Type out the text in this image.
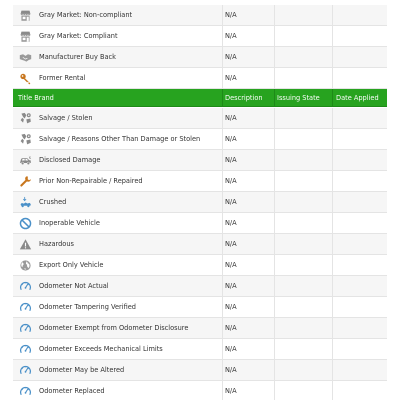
Gray Market: Non-compliant	N/A
Gray Market: Compliant	N/A
Manufacturer Buy Back	N/A
Former Rental	N/A
Title Brand	Description	Issuing State	Date Applied
Salvage / Stolen	N/A
Salvage / Reasons Other Than Damage or Stolen	N/A
Disclosed Damage	N/A
Prior Non-Repairable / Repaired	N/A
Crushed	N/A
Inoperable Vehicle	N/A
Hazardous	N/A
Export Only Vehicle	N/A
Odometer Not Actual	N/A
Odometer Tampering Verified	N/A
Odometer Exempt from Odometer Disclosure	N/A
Odometer Exceeds Mechanical Limits	N/A
Odometer May be Altered	N/A
Odometer Replaced	N/A
